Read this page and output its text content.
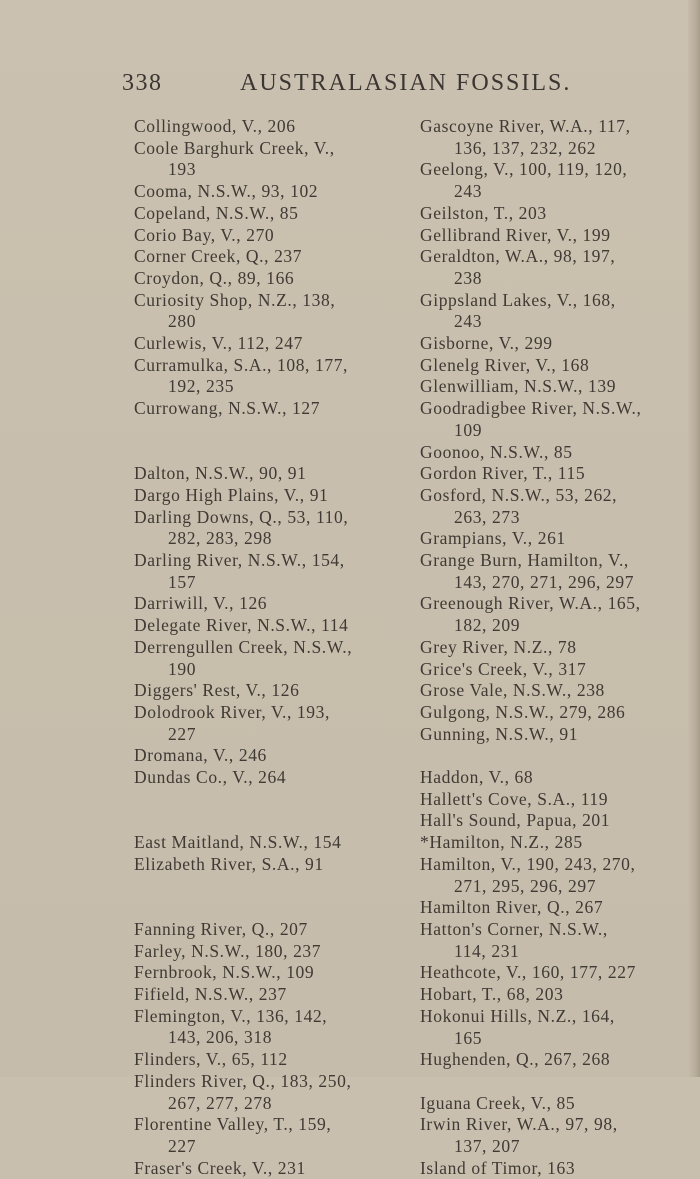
338	AUSTRALASIAN FOSSILS.
Collingwood, V., 206
Coole Barghurk Creek, V.,
193
Cooma, N.S.W., 93, 102
Copeland, N.S.W., 85
Corio Bay, V., 270
Corner Creek, Q., 237
Croydon, Q., 89, 166
Curiosity Shop, N.Z., 138,
280
Curlewis, V., 112, 247
Curramulka, S.A., 108, 177,
192, 235
Currowang, N.S.W., 127
Dalton, N.S.W., 90, 91
Dargo High Plains, V., 91
Darling Downs, Q., 53, 110,
282, 283, 298
Darling River, N.S.W., 154,
157
Darriwill, V., 126
Delegate River, N.S.W., 114
Derrengullen Creek, N.S.W.,
190
Diggers' Rest, V., 126
Dolodrook River, V., 193,
227
Dromana, V., 246
Dundas Co., V., 264
East Maitland, N.S.W., 154
Elizabeth River, S.A., 91
Fanning River, Q., 207
Farley, N.S.W., 180, 237
Fernbrook, N.S.W., 109
Fifield, N.S.W., 237
Flemington, V., 136, 142,
143, 206, 318
Flinders, V., 65, 112
Flinders River, Q., 183, 250,
267, 277, 278
Florentine Valley, T., 159,
227
Fraser's Creek, V., 231
Gascoyne River, W.A., 117,
136, 137, 232, 262
Geelong, V., 100, 119, 120,
243
Geilston, T., 203
Gellibrand River, V., 199
Geraldton, W.A., 98, 197,
238
Gippsland Lakes, V., 168,
243
Gisborne, V., 299
Glenelg River, V., 168
Glenwilliam, N.S.W., 139
Goodradigbee River, N.S.W.,
109
Goonoo, N.S.W., 85
Gordon River, T., 115
Gosford, N.S.W., 53, 262,
263, 273
Grampians, V., 261
Grange Burn, Hamilton, V.,
143, 270, 271, 296, 297
Greenough River, W.A., 165,
182, 209
Grey River, N.Z., 78
Grice's Creek, V., 317
Grose Vale, N.S.W., 238
Gulgong, N.S.W., 279, 286
Gunning, N.S.W., 91
Haddon, V., 68
Hallett's Cove, S.A., 119
Hall's Sound, Papua, 201
*Hamilton, N.Z., 285
Hamilton, V., 190, 243, 270,
271, 295, 296, 297
Hamilton River, Q., 267
Hatton's Corner, N.S.W.,
114, 231
Heathcote, V., 160, 177, 227
Hobart, T., 68, 203
Hokonui Hills, N.Z., 164,
165
Hughenden, Q., 267, 268
Iguana Creek, V., 85
Irwin River, W.A., 97, 98,
137, 207
Island of Timor, 163
